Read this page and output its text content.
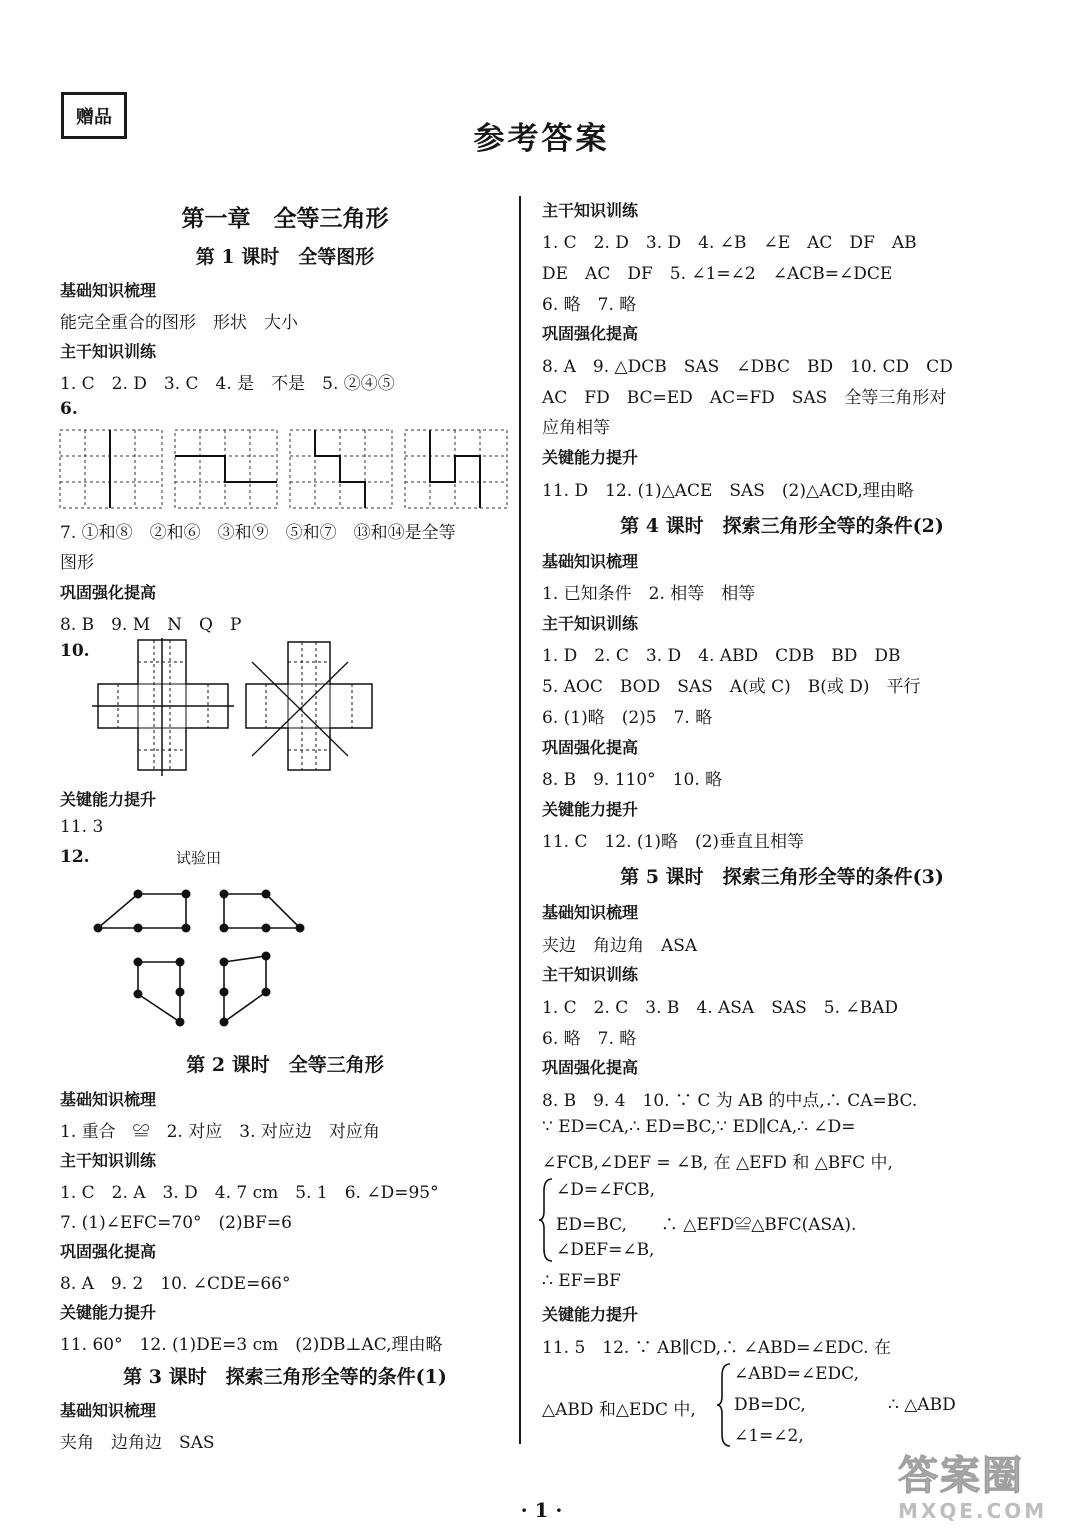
赠品
参考答案
第一章　全等三角形
第 1 课时　全等图形
基础知识梳理
能完全重合的图形　形状　大小
主干知识训练
1. C　2. D　3. C　4. 是　不是　5. ②④⑤
6.
7. ①和⑧　②和⑥　③和⑨　⑤和⑦　⑬和⑭是全等
图形
巩固强化提高
8. B　9. M　N　Q　P
10.
关键能力提升
11. 3
12.	试验田
第 2 课时　全等三角形
基础知识梳理
1. 重合　≌　2. 对应　3. 对应边　对应角
主干知识训练
1. C　2. A　3. D　4. 7 cm　5. 1　6. ∠D=95°
7. (1)∠EFC=70°　(2)BF=6
巩固强化提高
8. A　9. 2　10. ∠CDE=66°
关键能力提升
11. 60°　12. (1)DE=3 cm　(2)DB⊥AC,理由略
第 3 课时　探索三角形全等的条件(1)
基础知识梳理
夹角　边角边　SAS
主干知识训练
1. C　2. D　3. D　4. ∠B　∠E　AC　DF　AB
DE　AC　DF　5. ∠1=∠2　∠ACB=∠DCE
6. 略　7. 略
巩固强化提高
8. A　9. △DCB　SAS　∠DBC　BD　10. CD　CD
AC　FD　BC=ED　AC=FD　SAS　全等三角形对
应角相等
关键能力提升
11. D　12. (1)△ACE　SAS　(2)△ACD,理由略
第 4 课时　探索三角形全等的条件(2)
基础知识梳理
1. 已知条件　2. 相等　相等
主干知识训练
1. D　2. C　3. D　4. ABD　CDB　BD　DB
5. AOC　BOD　SAS　A(或 C)　B(或 D)　平行
6. (1)略　(2)5　7. 略
巩固强化提高
8. B　9. 110°　10. 略
关键能力提升
11. C　12. (1)略　(2)垂直且相等
第 5 课时　探索三角形全等的条件(3)
基础知识梳理
夹边　角边角　ASA
主干知识训练
1. C　2. C　3. B　4. ASA　SAS　5. ∠BAD
6. 略　7. 略
巩固强化提高
8. B　9. 4　10. ∵ C 为 AB 的中点,∴ CA=BC.
∵ ED=CA,∴ ED=BC,∵ ED∥CA,∴ ∠D=
∠FCB,∠DEF = ∠B, 在 △EFD 和 △BFC 中,
∠D=∠FCB,
ED=BC,　　∴ △EFD≌△BFC(ASA).
∠DEF=∠B,
∴ EF=BF
关键能力提升
11. 5　12. ∵ AB∥CD,∴ ∠ABD=∠EDC. 在
△ABD 和△EDC 中,
∠ABD=∠EDC,
DB=DC,
∠1=∠2,
∴ △ABD
· 1 ·
答案圈
MXQE.COM
